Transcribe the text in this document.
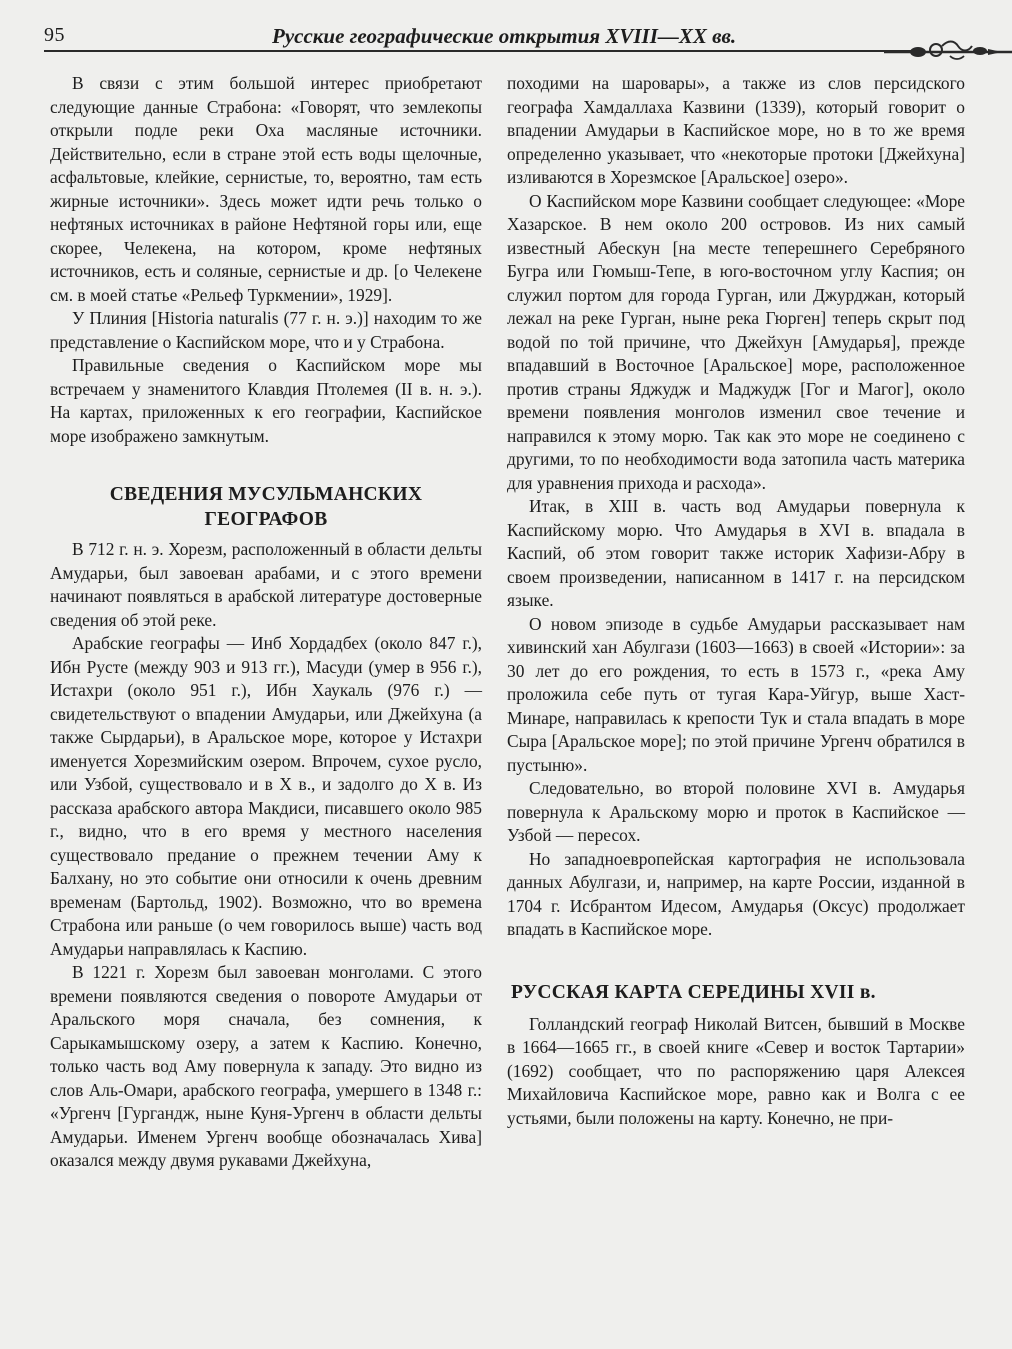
95	Русские географические открытия XVIII—XX вв.

В связи с этим большой интерес приобретают следующие данные Страбона: «Говорят, что землекопы открыли подле реки Оха масляные источники. Действительно, если в стране этой есть воды щелочные, асфальтовые, клейкие, сернистые, то, вероятно, там есть жирные источники». Здесь может идти речь только о нефтяных источниках в районе Нефтяной горы или, еще скорее, Челекена, на котором, кроме нефтяных источников, есть и соляные, сернистые и др. [о Челекене см. в моей статье «Рельеф Туркмении», 1929].

У Плиния [Historia naturalis (77 г. н. э.)] находим то же представление о Каспийском море, что и у Страбона.

Правильные сведения о Каспийском море мы встречаем у знаменитого Клавдия Птолемея (II в. н. э.). На картах, приложенных к его географии, Каспийское море изображено замкнутым.

СВЕДЕНИЯ МУСУЛЬМАНСКИХ
ГЕОГРАФОВ

В 712 г. н. э. Хорезм, расположенный в области дельты Амударьи, был завоеван арабами, и с этого времени начинают появляться в арабской литературе достоверные сведения об этой реке.

Арабские географы — Инб Хордадбех (около 847 г.), Ибн Русте (между 903 и 913 гг.), Масуди (умер в 956 г.), Истахри (около 951 г.), Ибн Хаукаль (976 г.) — свидетельствуют о впадении Амударьи, или Джейхуна (а также Сырдарьи), в Аральское море, которое у Истахри именуется Хорезмийским озером. Впрочем, сухое русло, или Узбой, существовало и в X в., и задолго до X в. Из рассказа арабского автора Макдиси, писавшего около 985 г., видно, что в его время у местного населения существовало предание о прежнем течении Аму к Балхану, но это событие они относили к очень древним временам (Бартольд, 1902). Возможно, что во времена Страбона или раньше (о чем говорилось выше) часть вод Амударьи направлялась к Каспию.

В 1221 г. Хорезм был завоеван монголами. С этого времени появляются сведения о повороте Амударьи от Аральского моря сначала, без сомнения, к Сарыкамышскому озеру, а затем к Каспию. Конечно, только часть вод Аму повернула к западу. Это видно из слов Аль-Омари, арабского географа, умершего в 1348 г.: «Ургенч [Гургандж, ныне Куня-Ургенч в области дельты Амударьи. Именем Ургенч вообще обозначалась Хива] оказался между двумя рукавами Джейхуна,

походими на шаровары», а также из слов персидского географа Хамдаллаха Казвини (1339), который говорит о впадении Амударьи в Каспийское море, но в то же время определенно указывает, что «некоторые протоки [Джейхуна] изливаются в Хорезмское [Аральское] озеро».

О Каспийском море Казвини сообщает следующее: «Море Хазарское. В нем около 200 островов. Из них самый известный Абескун [на месте теперешнего Серебряного Бугра или Гюмыш-Тепе, в юго-восточном углу Каспия; он служил портом для города Гурган, или Джурджан, который лежал на реке Гурган, ныне река Гюрген] теперь скрыт под водой по той причине, что Джейхун [Амударья], прежде впадавший в Восточное [Аральское] море, расположенное против страны Яджудж и Маджудж [Гог и Магог], около времени появления монголов изменил свое течение и направился к этому морю. Так как это море не соединено с другими, то по необходимости вода затопила часть материка для уравнения прихода и расхода».

Итак, в XIII в. часть вод Амударьи повернула к Каспийскому морю. Что Амударья в XVI в. впадала в Каспий, об этом говорит также историк Хафизи-Абру в своем произведении, написанном в 1417 г. на персидском языке.

О новом эпизоде в судьбе Амударьи рассказывает нам хивинский хан Абулгази (1603—1663) в своей «Истории»: за 30 лет до его рождения, то есть в 1573 г., «река Аму проложила себе путь от тугая Кара-Уйгур, выше Хаст-Минаре, направилась к крепости Тук и стала впадать в море Сыра [Аральское море]; по этой причине Ургенч обратился в пустыню».

Следовательно, во второй половине XVI в. Амударья повернула к Аральскому морю и проток в Каспийское — Узбой — пересох.

Но западноевропейская картография не использовала данных Абулгази, и, например, на карте России, изданной в 1704 г. Исбрантом Идесом, Амударья (Оксус) продолжает впадать в Каспийское море.

РУССКАЯ КАРТА СЕРЕДИНЫ XVII в.

Голландский географ Николай Витсен, бывший в Москве в 1664—1665 гг., в своей книге «Север и восток Тартарии» (1692) сообщает, что по распоряжению царя Алексея Михайловича Каспийское море, равно как и Волга с ее устьями, были положены на карту. Конечно, не при-
